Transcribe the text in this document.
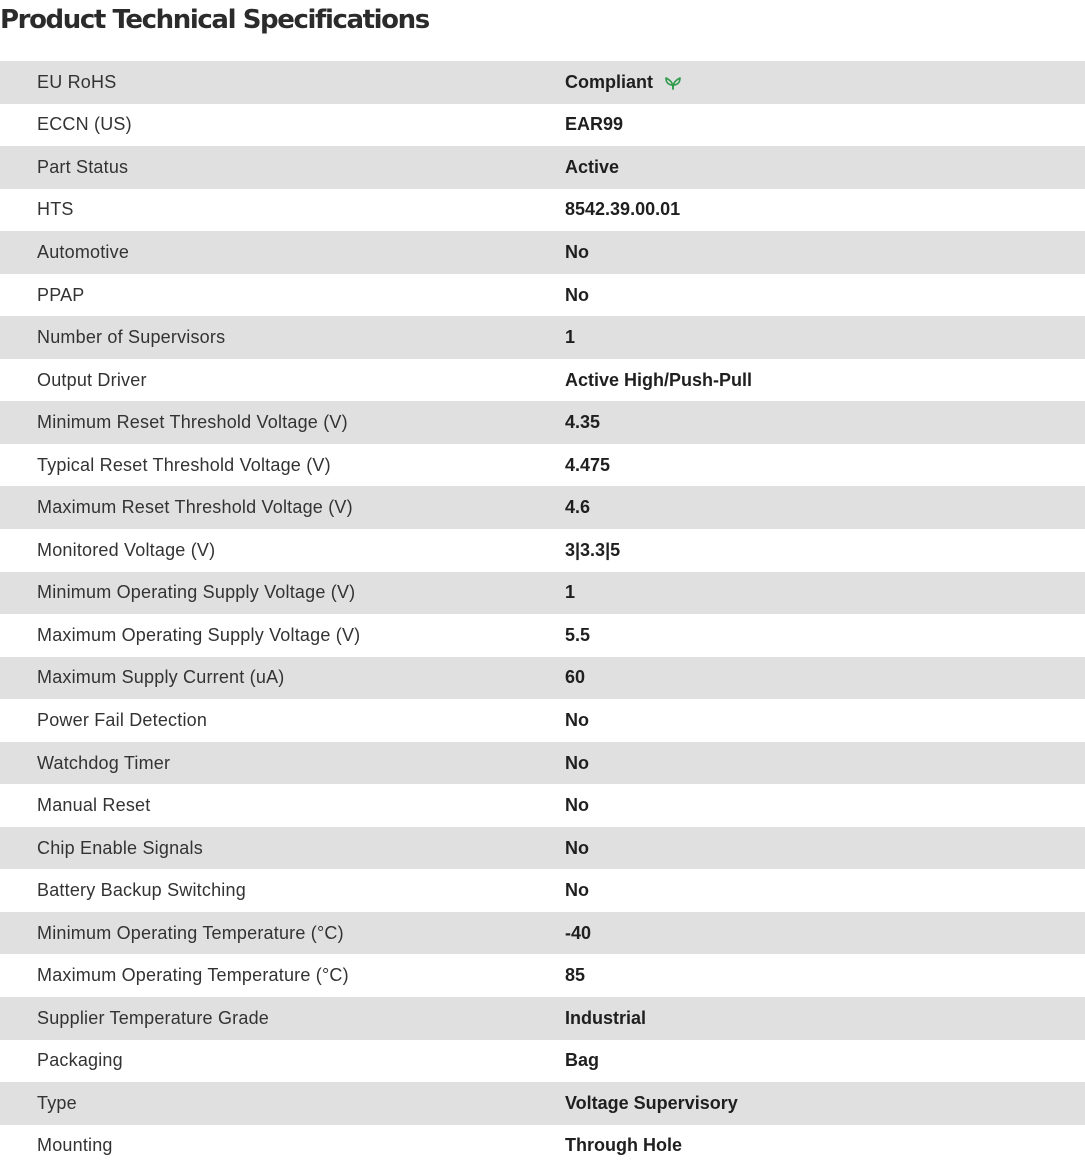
Product Technical Specifications
EU RoHS	Compliant
ECCN (US)	EAR99
Part Status	Active
HTS	8542.39.00.01
Automotive	No
PPAP	No
Number of Supervisors	1
Output Driver	Active High/Push-Pull
Minimum Reset Threshold Voltage (V)	4.35
Typical Reset Threshold Voltage (V)	4.475
Maximum Reset Threshold Voltage (V)	4.6
Monitored Voltage (V)	3|3.3|5
Minimum Operating Supply Voltage (V)	1
Maximum Operating Supply Voltage (V)	5.5
Maximum Supply Current (uA)	60
Power Fail Detection	No
Watchdog Timer	No
Manual Reset	No
Chip Enable Signals	No
Battery Backup Switching	No
Minimum Operating Temperature (°C)	-40
Maximum Operating Temperature (°C)	85
Supplier Temperature Grade	Industrial
Packaging	Bag
Type	Voltage Supervisory
Mounting	Through Hole
